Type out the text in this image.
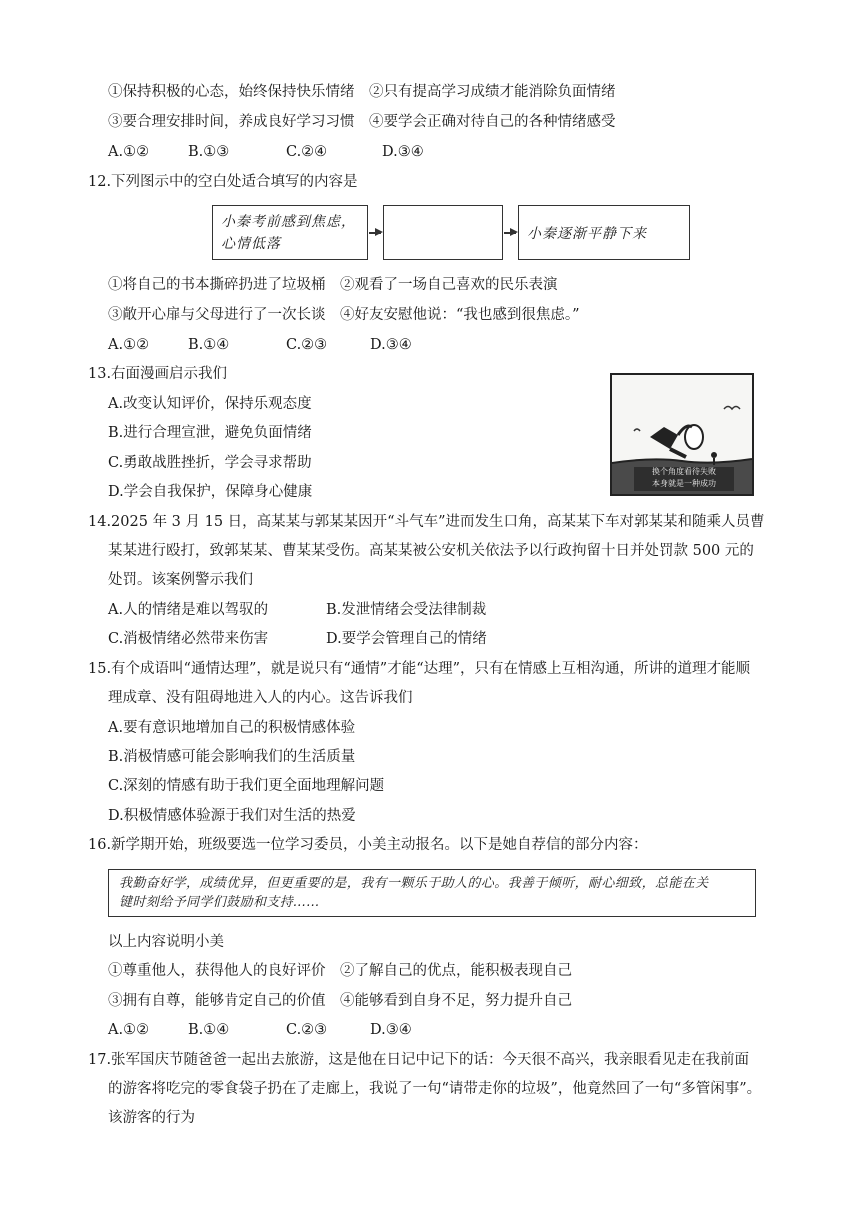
①保持积极的心态，始终保持快乐情绪　②只有提高学习成绩才能消除负面情绪
③要合理安排时间，养成良好学习习惯　④要学会正确对待自己的各种情绪感受
A.①②	B.①③	C.②④	D.③④
12.下列图示中的空白处适合填写的内容是
小秦考前感到焦虑，
心情低落
小秦逐渐平静下来
①将自己的书本撕碎扔进了垃圾桶　②观看了一场自己喜欢的民乐表演
③敞开心扉与父母进行了一次长谈　④好友安慰他说：“我也感到很焦虑。”
A.①②	B.①④	C.②③	D.③④
13.右面漫画启示我们
A.改变认知评价，保持乐观态度
B.进行合理宣泄，避免负面情绪
C.勇敢战胜挫折，学会寻求帮助
D.学会自我保护，保障身心健康
换个角度看待失败
本身就是一种成功
14.2025 年 3 月 15 日，高某某与郭某某因开“斗气车”进而发生口角，高某某下车对郭某某和随乘人员曹
某某进行殴打，致郭某某、曹某某受伤。高某某被公安机关依法予以行政拘留十日并处罚款 500 元的
处罚。该案例警示我们
A.人的情绪是难以驾驭的	B.发泄情绪会受法律制裁
C.消极情绪必然带来伤害	D.要学会管理自己的情绪
15.有个成语叫“通情达理”，就是说只有“通情”才能“达理”，只有在情感上互相沟通，所讲的道理才能顺
理成章、没有阻碍地进入人的内心。这告诉我们
A.要有意识地增加自己的积极情感体验
B.消极情感可能会影响我们的生活质量
C.深刻的情感有助于我们更全面地理解问题
D.积极情感体验源于我们对生活的热爱
16.新学期开始，班级要选一位学习委员，小美主动报名。以下是她自荐信的部分内容：
我勤奋好学，成绩优异，但更重要的是，我有一颗乐于助人的心。我善于倾听，耐心细致，总能在关
键时刻给予同学们鼓励和支持……
以上内容说明小美
①尊重他人，获得他人的良好评价　②了解自己的优点，能积极表现自己
③拥有自尊，能够肯定自己的价值　④能够看到自身不足，努力提升自己
A.①②	B.①④	C.②③	D.③④
17.张军国庆节随爸爸一起出去旅游，这是他在日记中记下的话：今天很不高兴，我亲眼看见走在我前面
的游客将吃完的零食袋子扔在了走廊上，我说了一句“请带走你的垃圾”，他竟然回了一句“多管闲事”。
该游客的行为
